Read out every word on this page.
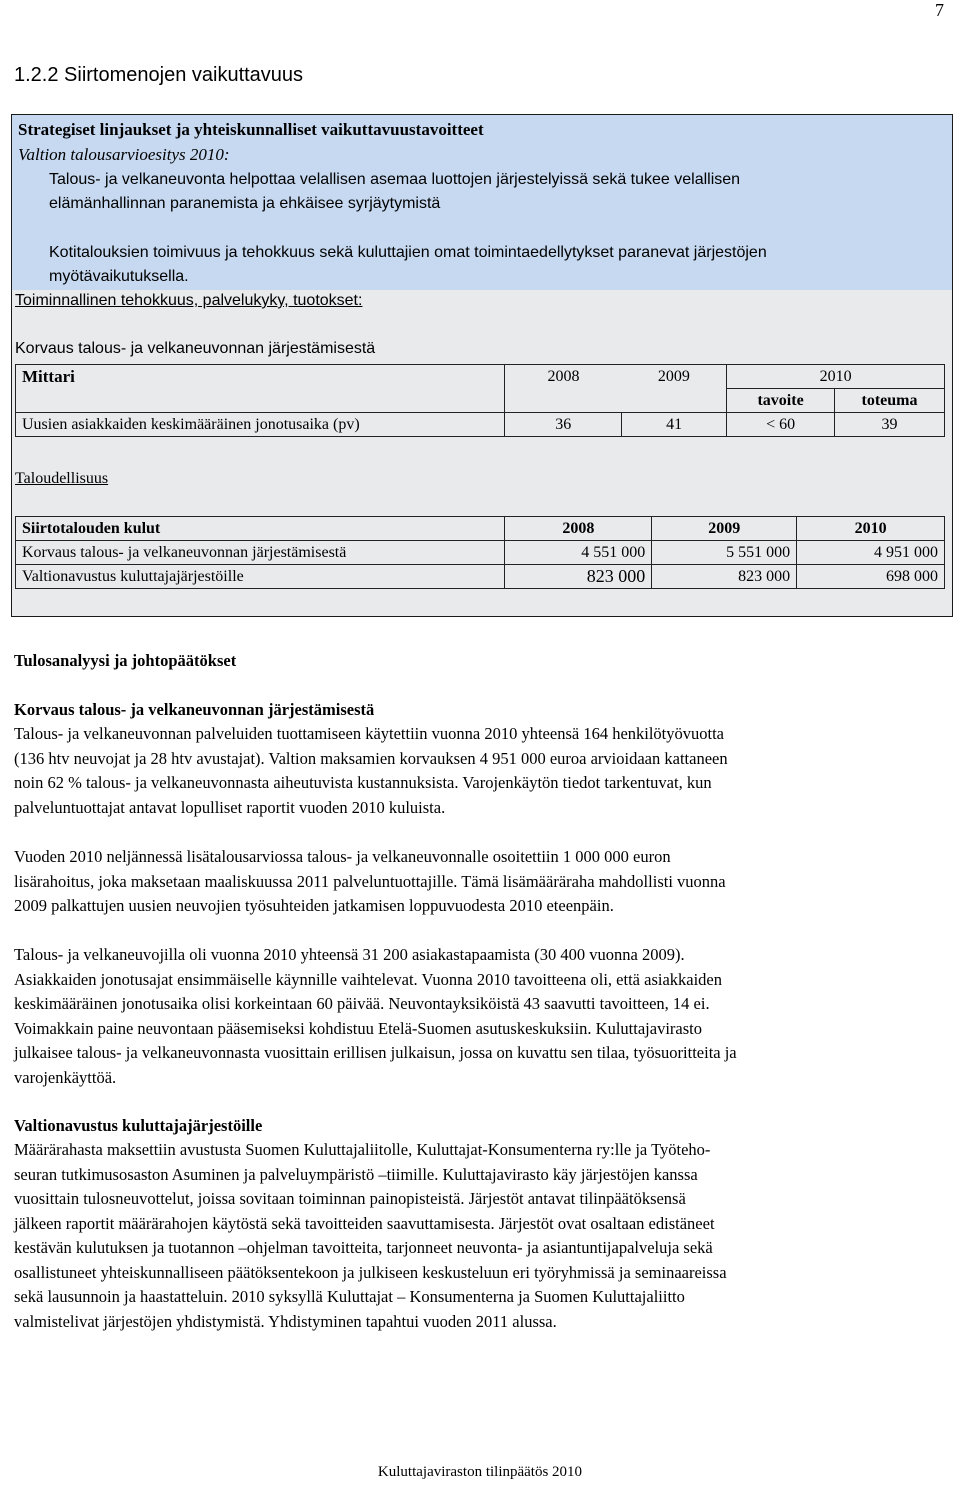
7
1.2.2 Siirtomenojen vaikuttavuus
Strategiset linjaukset ja yhteiskunnalliset vaikuttavuustavoitteet
Valtion talousarvioesitys 2010:
Talous- ja velkaneuvonta helpottaa velallisen asemaa luottojen järjestelyissä sekä tukee velallisen
elämänhallinnan paranemista ja ehkäisee syrjäytymistä
Kotitalouksien toimivuus ja tehokkuus sekä kuluttajien omat toimintaedellytykset paranevat järjestöjen
myötävaikutuksella.
Toiminnallinen tehokkuus, palvelukyky, tuotokset:
Korvaus talous- ja velkaneuvonnan järjestämisestä
Mittari	2008	2009	2010	
			tavoite	toteuma
Uusien asiakkaiden keskimääräinen jonotusaika (pv)	36	41	< 60	39
Taloudellisuus
Siirtotalouden kulut	2008	2009	2010
Korvaus talous- ja velkaneuvonnan järjestämisestä	4 551 000	5 551 000	4 951 000
Valtionavustus kuluttajajärjestöille	823 000	823 000	698 000
Tulosanalyysi ja johtopäätökset
Korvaus talous- ja velkaneuvonnan järjestämisestä
Talous- ja velkaneuvonnan palveluiden tuottamiseen käytettiin vuonna 2010 yhteensä 164 henkilötyövuotta
(136 htv neuvojat ja 28 htv avustajat). Valtion maksamien korvauksen 4 951 000 euroa arvioidaan kattaneen
noin 62 % talous- ja velkaneuvonnasta aiheutuvista kustannuksista. Varojenkäytön tiedot tarkentuvat, kun
palveluntuottajat antavat lopulliset raportit vuoden 2010 kuluista.
Vuoden 2010 neljännessä lisätalousarviossa talous- ja velkaneuvonnalle osoitettiin 1 000 000 euron
lisärahoitus, joka maksetaan maaliskuussa 2011 palveluntuottajille. Tämä lisämääräraha mahdollisti vuonna
2009 palkattujen uusien neuvojien työsuhteiden jatkamisen loppuvuodesta 2010 eteenpäin.
Talous- ja velkaneuvojilla oli vuonna 2010 yhteensä 31 200 asiakastapaamista (30 400 vuonna 2009).
Asiakkaiden jonotusajat ensimmäiselle käynnille vaihtelevat. Vuonna 2010 tavoitteena oli, että asiakkaiden
keskimääräinen jonotusaika olisi korkeintaan 60 päivää. Neuvontayksiköistä 43 saavutti tavoitteen, 14 ei.
Voimakkain paine neuvontaan pääsemiseksi kohdistuu Etelä-Suomen asutuskeskuksiin. Kuluttajavirasto
julkaisee talous- ja velkaneuvonnasta vuosittain erillisen julkaisun, jossa on kuvattu sen tilaa, työsuoritteita ja
varojenkäyttöä.
Valtionavustus kuluttajajärjestöille
Määrärahasta maksettiin avustusta Suomen Kuluttajaliitolle, Kuluttajat-Konsumenterna ry:lle ja Työteho-
seuran tutkimusosaston Asuminen ja palveluympäristö –tiimille. Kuluttajavirasto käy järjestöjen kanssa
vuosittain tulosneuvottelut, joissa sovitaan toiminnan painopisteistä. Järjestöt antavat tilinpäätöksensä
jälkeen raportit määrärahojen käytöstä sekä tavoitteiden saavuttamisesta. Järjestöt ovat osaltaan edistäneet
kestävän kulutuksen ja tuotannon –ohjelman tavoitteita, tarjonneet neuvonta- ja asiantuntijapalveluja sekä
osallistuneet yhteiskunnalliseen päätöksentekoon ja julkiseen keskusteluun eri työryhmissä ja seminaareissa
sekä lausunnoin ja haastatteluin. 2010 syksyllä Kuluttajat – Konsumenterna ja Suomen Kuluttajaliitto
valmistelivat järjestöjen yhdistymistä. Yhdistyminen tapahtui vuoden 2011 alussa.
Kuluttajaviraston tilinpäätös 2010
